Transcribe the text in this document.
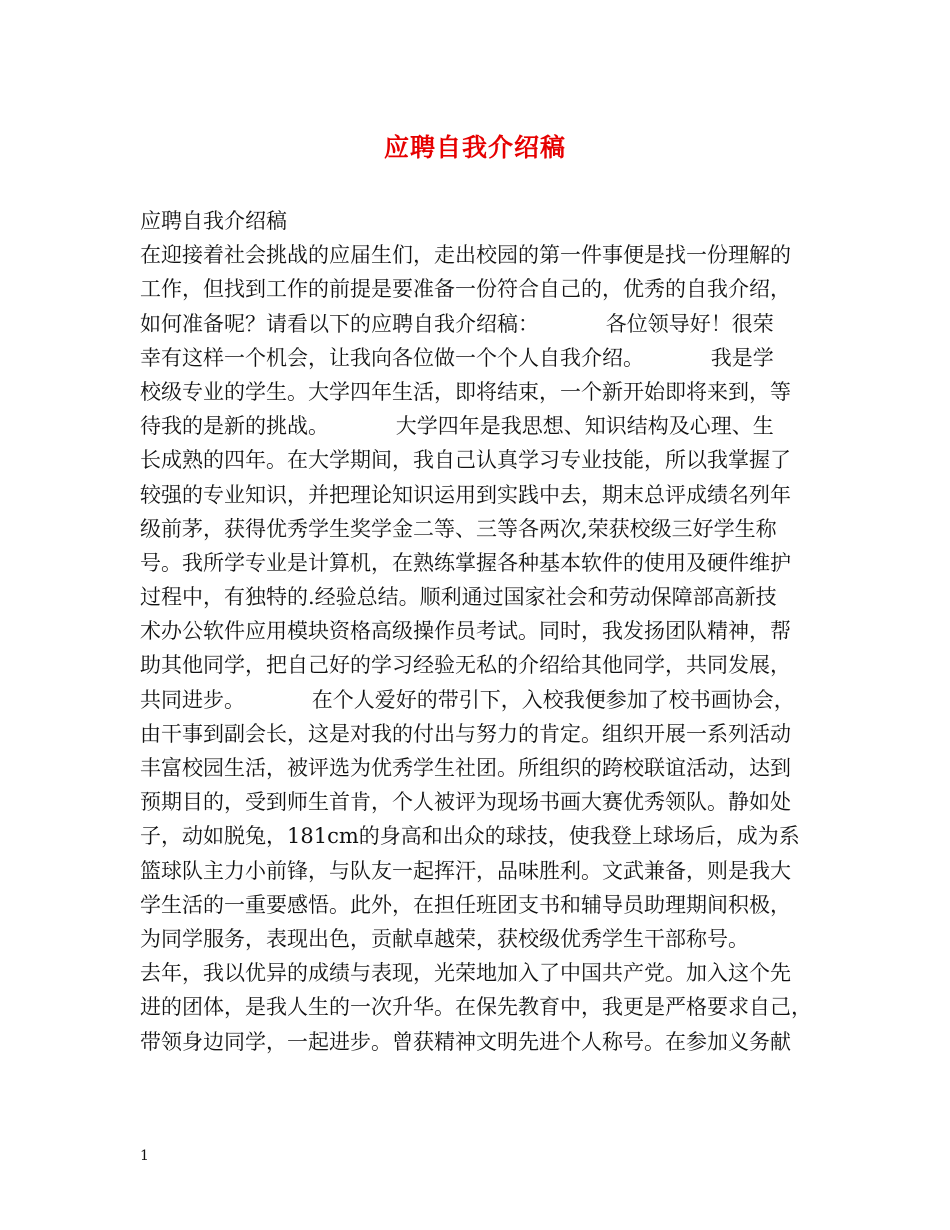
应聘自我介绍稿
应聘自我介绍稿
在迎接着社会挑战的应届生们，走出校园的第一件事便是找一份理解的
工作，但找到工作的前提是要准备一份符合自己的，优秀的自我介绍，
如何准备呢？请看以下的应聘自我介绍稿：          各位领导好！很荣
幸有这样一个机会，让我向各位做一个个人自我介绍。          我是学
校级专业的学生。大学四年生活，即将结束，一个新开始即将来到，等
待我的是新的挑战。          大学四年是我思想、知识结构及心理、生
长成熟的四年。在大学期间，我自己认真学习专业技能，所以我掌握了
较强的专业知识，并把理论知识运用到实践中去，期末总评成绩名列年
级前茅，获得优秀学生奖学金二等、三等各两次,荣获校级三好学生称
号。我所学专业是计算机，在熟练掌握各种基本软件的使用及硬件维护
过程中，有独特的.经验总结。顺利通过国家社会和劳动保障部高新技
术办公软件应用模块资格高级操作员考试。同时，我发扬团队精神，帮
助其他同学，把自己好的学习经验无私的介绍给其他同学，共同发展，
共同进步。          在个人爱好的带引下，入校我便参加了校书画协会，
由干事到副会长，这是对我的付出与努力的肯定。组织开展一系列活动
丰富校园生活，被评选为优秀学生社团。所组织的跨校联谊活动，达到
预期目的，受到师生首肯，个人被评为现场书画大赛优秀领队。静如处
子，动如脱兔，181cm的身高和出众的球技，使我登上球场后，成为系
篮球队主力小前锋，与队友一起挥汗，品味胜利。文武兼备，则是我大
学生活的一重要感悟。此外，在担任班团支书和辅导员助理期间积极，
为同学服务，表现出色，贡献卓越荣，获校级优秀学生干部称号。
去年，我以优异的成绩与表现，光荣地加入了中国共产党。加入这个先
进的团体，是我人生的一次升华。在保先教育中，我更是严格要求自己，
带领身边同学，一起进步。曾获精神文明先进个人称号。在参加义务献
1
